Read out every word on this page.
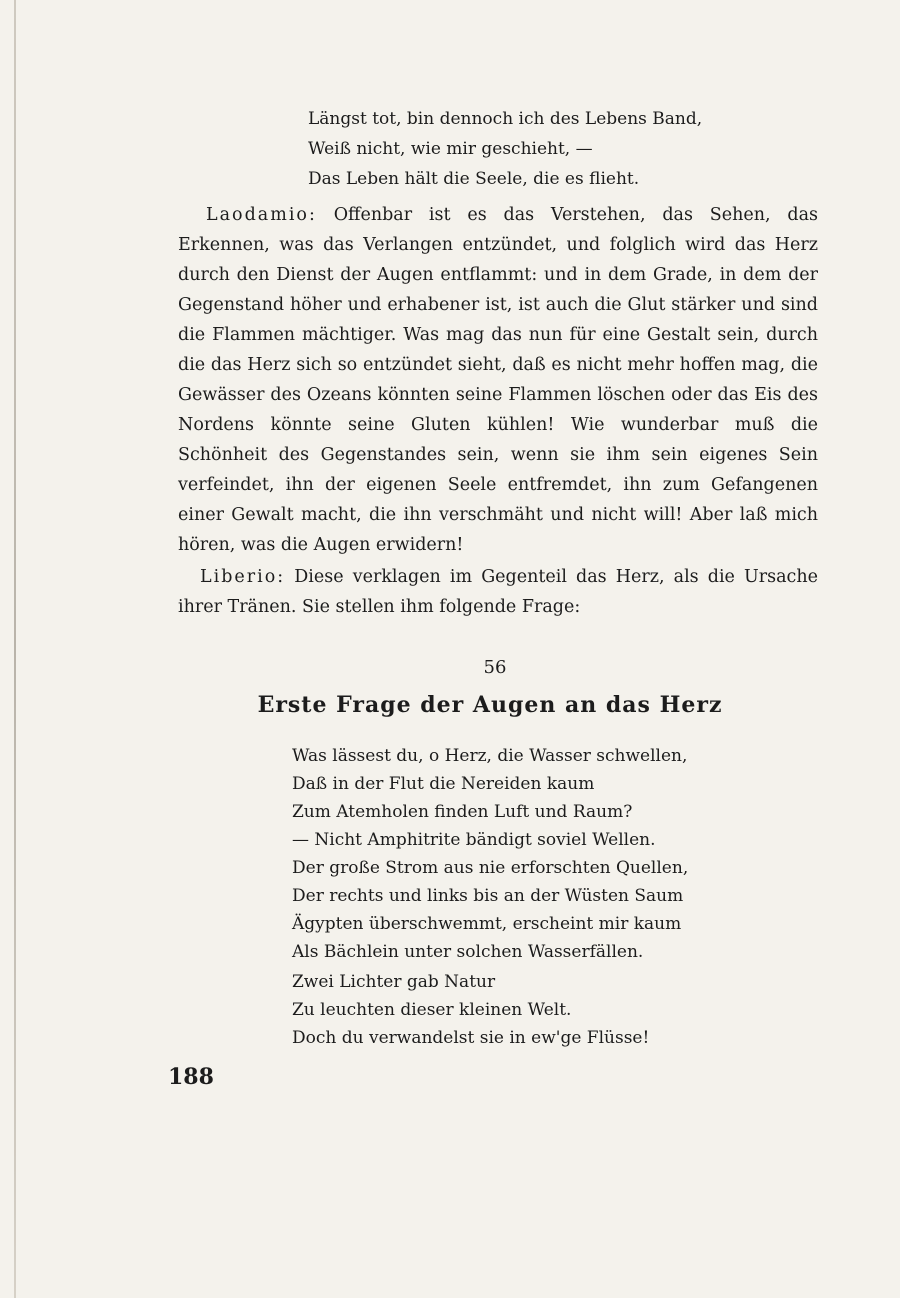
Längst tot, bin dennoch ich des Lebens Band,
Weiß nicht, wie mir geschieht, —
Das Leben hält die Seele, die es flieht.

Laodamio: Offenbar ist es das Verstehen, das Sehen, das Erkennen, was das Verlangen entzündet, und folglich wird das Herz durch den Dienst der Augen entflammt: und in dem Grade, in dem der Gegenstand höher und erhabener ist, ist auch die Glut stärker und sind die Flammen mächtiger. Was mag das nun für eine Gestalt sein, durch die das Herz sich so entzündet sieht, daß es nicht mehr hoffen mag, die Gewässer des Ozeans könnten seine Flammen löschen oder das Eis des Nordens könnte seine Gluten kühlen! Wie wunderbar muß die Schönheit des Gegenstandes sein, wenn sie ihm sein eigenes Sein verfeindet, ihn der eigenen Seele entfremdet, ihn zum Gefangenen einer Gewalt macht, die ihn verschmäht und nicht will! Aber laß mich hören, was die Augen erwidern!

Liberio: Diese verklagen im Gegenteil das Herz, als die Ursache ihrer Tränen. Sie stellen ihm folgende Frage:

56
Erste Frage der Augen an das Herz
Was lässest du, o Herz, die Wasser schwellen,
Daß in der Flut die Nereiden kaum
Zum Atemholen finden Luft und Raum?
— Nicht Amphitrite bändigt soviel Wellen.
Der große Strom aus nie erforschten Quellen,
Der rechts und links bis an der Wüsten Saum
Ägypten überschwemmt, erscheint mir kaum
Als Bächlein unter solchen Wasserfällen.
Zwei Lichter gab Natur
Zu leuchten dieser kleinen Welt.
Doch du verwandelst sie in ew'ge Flüsse!
188
